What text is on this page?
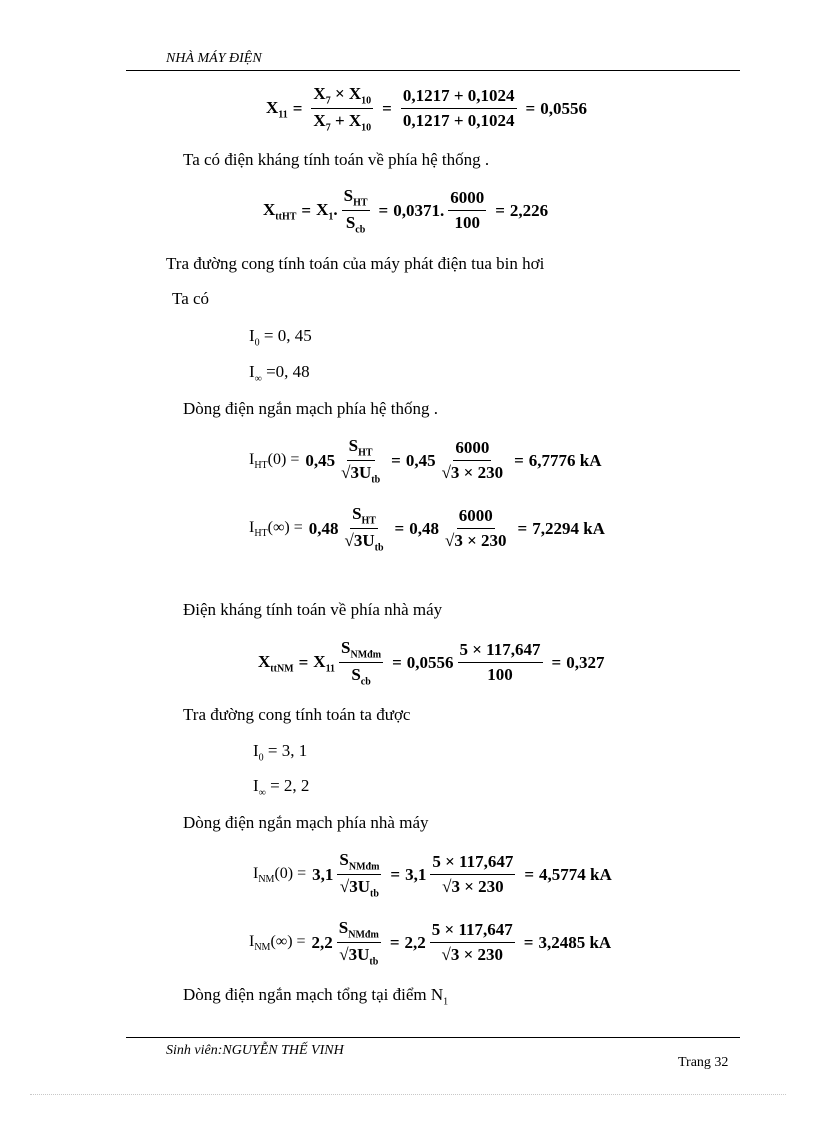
NHÀ MÁY ĐIỆN
$X_{11} = \frac{X_7 \times X_{10}}{X_7 + X_{10}} = \frac{0,1217 + 0,1024}{0,1217 + 0,1024} = 0,0556$
Ta có điện kháng tính toán về phía hệ thống .
$X_{ttHT} = X_1$. $\frac{S_{HT}}{S_{cb}} = 0,0371$. $\frac{6000}{100} = 2,226$
Tra đường cong tính toán của máy phát điện tua bin hơi
Ta có
$I_0 = 0$, 45
$I_\infty =0$, 48
Dòng điện ngắn mạch phía hệ thống .
$I_{HT}(0) = 0,45 \frac{S_{HT}}{√3U_{tb}} = 0,45 \frac{6000}{√3 \times 230} = 6,7776$ kA
$I_{HT}(\infty) = 0,48 \frac{S_{HT}}{√3U_{tb}} = 0,48 \frac{6000}{√3 \times 230} = 7,2294$ kA
Điện kháng tính toán về phía nhà máy
$X_{ttNM} = X_{11} \frac{S_{NMđm}}{S_{cb}} = 0,0556 \frac{5 \times 117,647}{100} = 0,327$
Tra đường cong tính toán ta được
$I_0 = 3$, 1
$I_\infty = 2$, 2
Dòng điện ngắn mạch phía nhà máy
$I_{NM}(0) = 3,1 \frac{S_{NMđm}}{√3U_{tb}} = 3,1 \frac{5 \times 117,647}{√3 \times 230} = 4,5774$ kA
$I_{NM}(\infty) = 2,2 \frac{S_{NMđm}}{√3U_{tb}} = 2,2 \frac{5 \times 117,647}{√3 \times 230} = 3,2485$ kA
Dòng điện ngắn mạch tổng tại điểm $N_1$
Sinh viên:NGUYỄN THẾ VINH
Trang 32
